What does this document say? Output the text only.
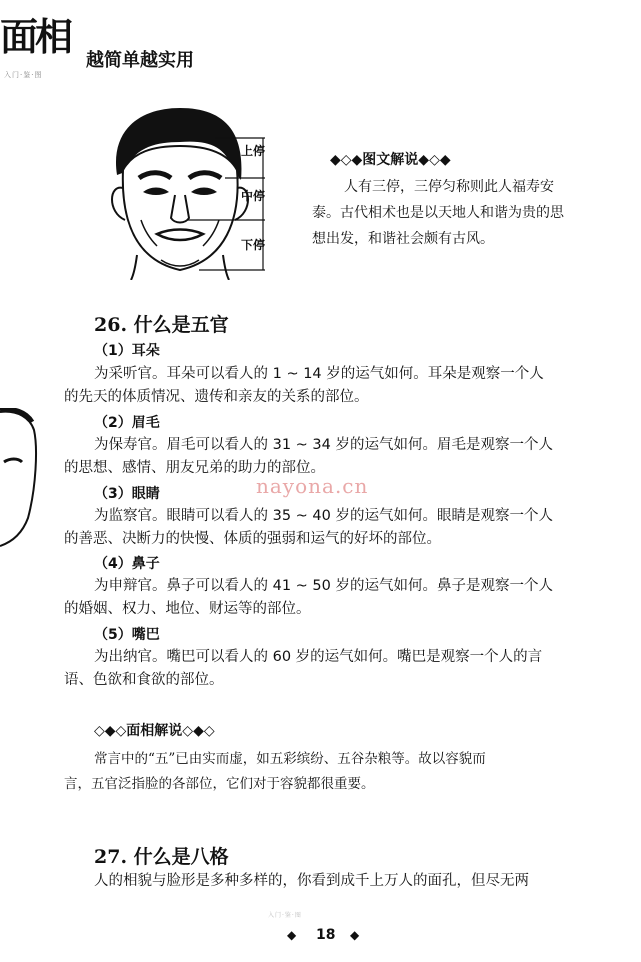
面相
越简单越实用
入门·鉴·图
上停
中停
下停
◆◇◆图文解说◆◇◆
人有三停，三停匀称则此人福寿安
泰。古代相术也是以天地人和谐为贵的思
想出发，和谐社会颇有古风。
26. 什么是五官
（1）耳朵
为采听官。耳朵可以看人的 1 ~ 14 岁的运气如何。耳朵是观察一个人
的先天的体质情况、遗传和亲友的关系的部位。
（2）眉毛
为保寿官。眉毛可以看人的 31 ~ 34 岁的运气如何。眉毛是观察一个人
的思想、感情、朋友兄弟的助力的部位。
（3）眼睛
为监察官。眼睛可以看人的 35 ~ 40 岁的运气如何。眼睛是观察一个人
的善恶、决断力的快慢、体质的强弱和运气的好坏的部位。
（4）鼻子
为申辩官。鼻子可以看人的 41 ~ 50 岁的运气如何。鼻子是观察一个人
的婚姻、权力、地位、财运等的部位。
（5）嘴巴
为出纳官。嘴巴可以看人的 60 岁的运气如何。嘴巴是观察一个人的言
语、色欲和食欲的部位。
nayona.cn
◇◆◇面相解说◇◆◇
常言中的“五”已由实而虚，如五彩缤纷、五谷杂粮等。故以容貌而
言，五官泛指脸的各部位，它们对于容貌都很重要。
27. 什么是八格
人的相貌与脸形是多种多样的，你看到成千上万人的面孔，但尽无两
入门·鉴·图
◆ 18 ◆
